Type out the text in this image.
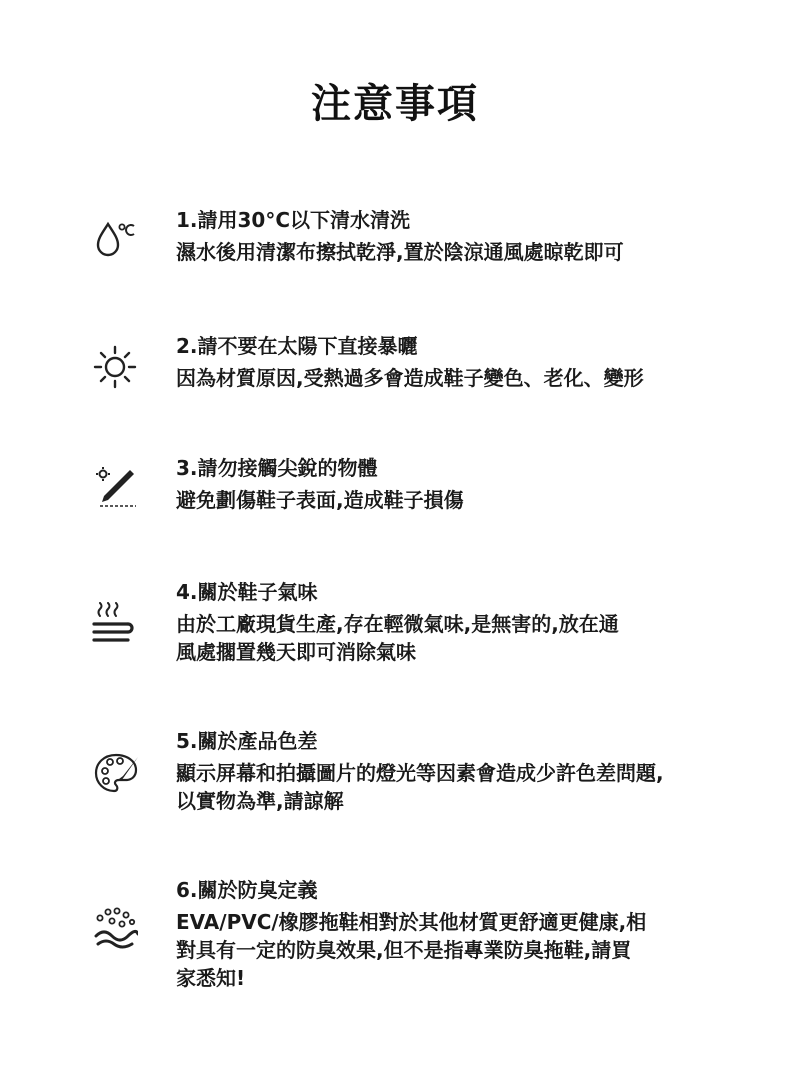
注意事項
1.請用30°C以下清水清洗
濕水後用清潔布擦拭乾淨,置於陰涼通風處晾乾即可
2.請不要在太陽下直接暴曬
因為材質原因,受熱過多會造成鞋子變色、老化、變形
3.請勿接觸尖銳的物體
避免劃傷鞋子表面,造成鞋子損傷
4.關於鞋子氣味
由於工廠現貨生產,存在輕微氣味,是無害的,放在通
風處擱置幾天即可消除氣味
5.關於產品色差
顯示屏幕和拍攝圖片的燈光等因素會造成少許色差問題,
以實物為準,請諒解
6.關於防臭定義
EVA/PVC/橡膠拖鞋相對於其他材質更舒適更健康,相
對具有一定的防臭效果,但不是指專業防臭拖鞋,請買
家悉知!
